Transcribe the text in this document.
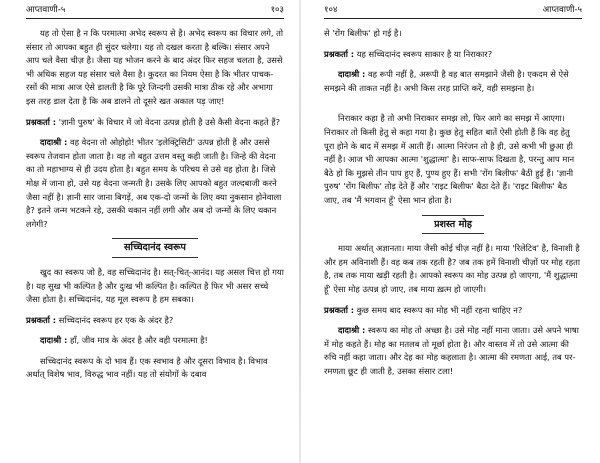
आप्तवाणी-५	१०३
यह तो ऐसा है न कि परमात्मा अभेद स्वरूप से है। अभेद स्वरूप का विचार लगे, तो संसार तो आपका बहुत ही सुंदर चलेगा। यह तो दखल करता है बल्कि। संसार अपने आप चले वैसा चीज़ है। जैसा यह भोजन करने के बाद अंदर फिर सहज चलता है, उससे भी अधिक सहज यह संसार चले वैसा है। कुदरत का नियम ऐसा है कि भीतर पाचक-रसों की मात्रा आज ऐसे डालती है कि पूरे जिन्दगी उसकी मात्रा ठीक रहे और अभागा इस तरह डाल देता है कि अब डालने तो दूसरे खत अकाल पड़ जाए!
प्रश्नकर्ता : 'ज्ञानी पुरुष' के विचार में जो वेदना उत्पन्न होती है उसे कैसी वेदना कहते हैं?
दादाश्री : वह वेदना तो ओहोहो! भीतर 'इलेक्ट्रिसिटी' उत्पन्न होती है और उससे स्वरूप तेजवान होता जाता है। वह तो बहुत उत्तम वस्तु कही जाती है। जिन्हे की वेदना का तो महाभाग्य से ही उदय होता है। बहुत समय के परिचय से उसे वह होता है। जिसे मोक्ष में जाना हो, उसे यह वेदना जन्मती है। उसके लिए आपको बहुत जल्दबाजी करने जैसा नहीं है। ज्ञानी सार जाना बिगड़ें, अब एक-दो जन्मों के लिए क्या नुकसान होनेवाला है? इतने जन्म भटकने रहे, उसकी थकान नहीं लगी और अब दो जन्मों के लिए थकान लगेगी?
सच्चिदानंद स्वरूप
खुद का स्वरूप जो है, वह सच्चिदानंद है। सत्-चित्-आनंद। यह असल चित्त हो गया है। यह सुख भी कल्पित है और दुःख भी कल्पित है। कल्पित है फिर भी असर सच्चे जैसा होता है। सच्चिदानंद, यह मूल स्वरूप है हम सबका।
प्रश्नकर्ता : सच्चिदानंद स्वरूप हर एक के अंदर है?
दादाश्री : हाँ, जीव मात्र के अंदर है और वही परमात्मा है!
सच्चिदानंद स्वरूप के दो भाव हैं। एक स्वभाव है और दूसरा विभाव है। विभाव अर्थात् विशेष भाव, विरुद्ध भाव नहीं। यह तो संयोगों के दबाव
१०४	आप्तवाणी-५
से 'रोंग बिलीफ' हो गई है।
प्रश्नकर्ता : यह सच्चिदानंद स्वरूप साकार है या निराकार?
दादाश्री : वह रूपी नहीं है, अरूपी है वह बात समझाने जैसी है। एकदम से ऐसे समझने की ताकत नहीं है। अभी किस तरह प्राप्ति करें, वही समझना है।
निराकार कहा है तो अभी निराकार समझ लो, फिर आगे का समझ में आएगा। निराकार तो किसी हेतु से कहा गया है। कुछ हेतु सहित बातें ऐसी होती हैं कि वह हेतु पूरा होने के बाद में समझ में आती हैं। आत्मा निरंजन तो है ही, उसे कभी भी छुआ ही नहीं है। आज भी आपका आत्मा 'शुद्धात्मा' है। साफ-साफ दिखता है, परन्तु आप मान बैठे हो कि मुझसे तीन पाप हुए हैं, पुण्य हुए हैं। सभी 'रोंग बिलीफ' बैठी हुई हैं। 'ज्ञानी पुरुष' 'रोंग बिलीफ' तोड़ देते हैं और 'राइट बिलीफ' बैठा देते हैं। 'राइट बिलीफ' बैठ जाए, तब 'मैं भगवान हूँ' ऐसा भान होता है।
प्रशस्त मोह
माया अर्थात् अज्ञानता। माया जैसी कोई चीज़ नहीं है। माया 'रिलेटिव' है, विनाशी है और हम अविनाशी हैं। वह कब तक रहती है? जब तक हमें विनाशी चीज़ों पर मोह रहता है, तब तक माया खड़ी रहती है। आपको स्वरूप का मोह उत्पन्न हो जाएगा, 'मैं शुद्धात्मा हूँ' ऐसा मोह उत्पन्न हो जाए, तब माया ख़त्म हो जाएगी।
प्रश्नकर्ता : कुछ समय बाद स्वरूप का मोह भी नहीं रहना चाहिए न?
दादाश्री : स्वरूप का मोह तो अच्छा है। उसे मोह नहीं माना जाता। उसे अपने भाषा में मोह कहते हैं। मोह का मतलब तो मूर्छा होता है। और वास्तव में तो उसे आत्मा की रुचि नहीं कहा जाता। और देह का मोह कहलाता है। आत्मा की रमणता आई, तब पर-रमणता छूट ही जाती है, उसका संसार टला!
